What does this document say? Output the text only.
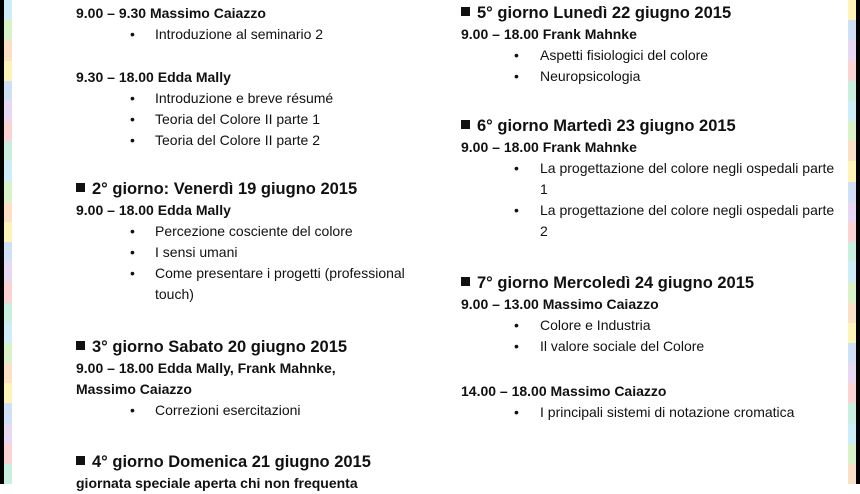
9.00 – 9.30 Massimo Caiazzo
• Introduzione al seminario 2
9.30 – 18.00 Edda Mally
• Introduzione e breve résumé
• Teoria del Colore II parte 1
• Teoria del Colore II parte 2
2° giorno: Venerdì 19 giugno 2015
9.00 – 18.00 Edda Mally
• Percezione cosciente del colore
• I sensi umani
• Come presentare i progetti (professional touch)
3° giorno Sabato 20 giugno 2015
9.00 – 18.00 Edda Mally, Frank Mahnke,
Massimo Caiazzo
• Correzioni esercitazioni
4° giorno Domenica 21 giugno 2015
giornata speciale aperta chi non frequenta
5° giorno Lunedì 22 giugno 2015
9.00 – 18.00 Frank Mahnke
• Aspetti fisiologici del colore
• Neuropsicologia
6° giorno Martedì 23 giugno 2015
9.00 – 18.00 Frank Mahnke
• La progettazione del colore negli ospedali parte 1
• La progettazione del colore negli ospedali parte 2
7° giorno Mercoledì 24 giugno 2015
9.00 – 13.00 Massimo Caiazzo
• Colore e Industria
• Il valore sociale del Colore
14.00 – 18.00 Massimo Caiazzo
• I principali sistemi di notazione cromatica
